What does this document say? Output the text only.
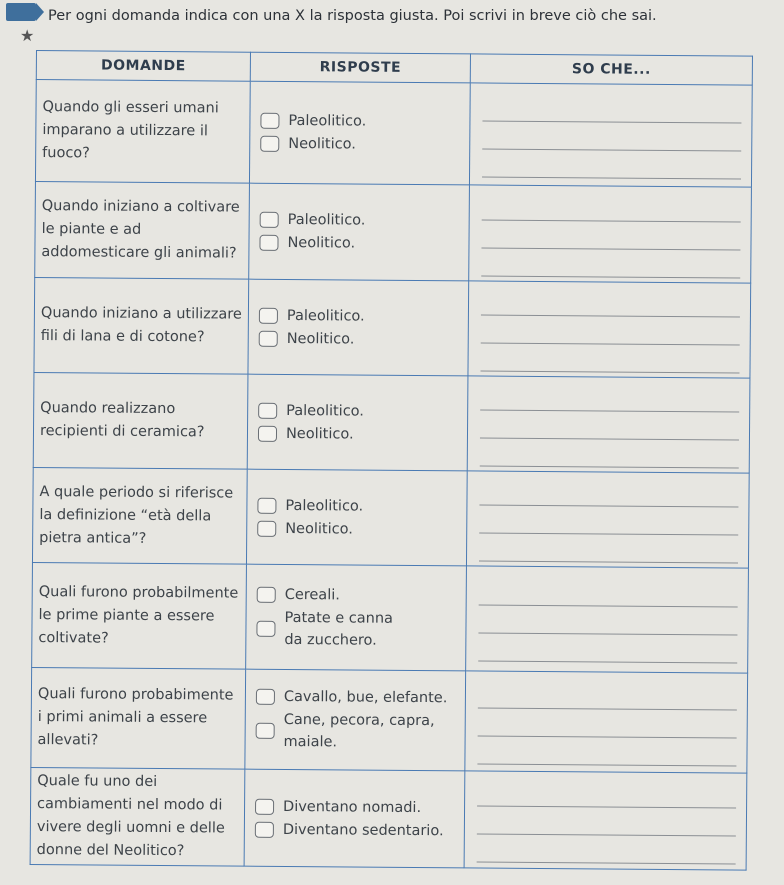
★

Per ogni domanda indica con una X la risposta giusta. Poi scrivi in breve ciò che sai.

DOMANDE	RISPOSTE	SO CHE...
Quando gli esseri umani imparano a utilizzare il fuoco?	Paleolitico.
Neolitico.	

Quando iniziano a coltivare le piante e ad addomesticare gli animali?	Paleolitico.
Neolitico.	

Quando iniziano a utilizzare fili di lana e di cotone?	Paleolitico.
Neolitico.	

Quando realizzano recipienti di ceramica?	Paleolitico.
Neolitico.	

A quale periodo si riferisce la definizione “età della pietra antica”?	Paleolitico.
Neolitico.	

Quali furono probabilmente le prime piante a essere coltivate?	Cereali.
Patate e canna
da zucchero.	

Quali furono probabimente i primi animali a essere allevati?	Cavallo, bue, elefante.
Cane, pecora, capra,
maiale.	

Quale fu uno dei cambiamenti nel modo di vivere degli uomni e delle donne del Neolitico?	Diventano nomadi.
Diventano sedentario.	
